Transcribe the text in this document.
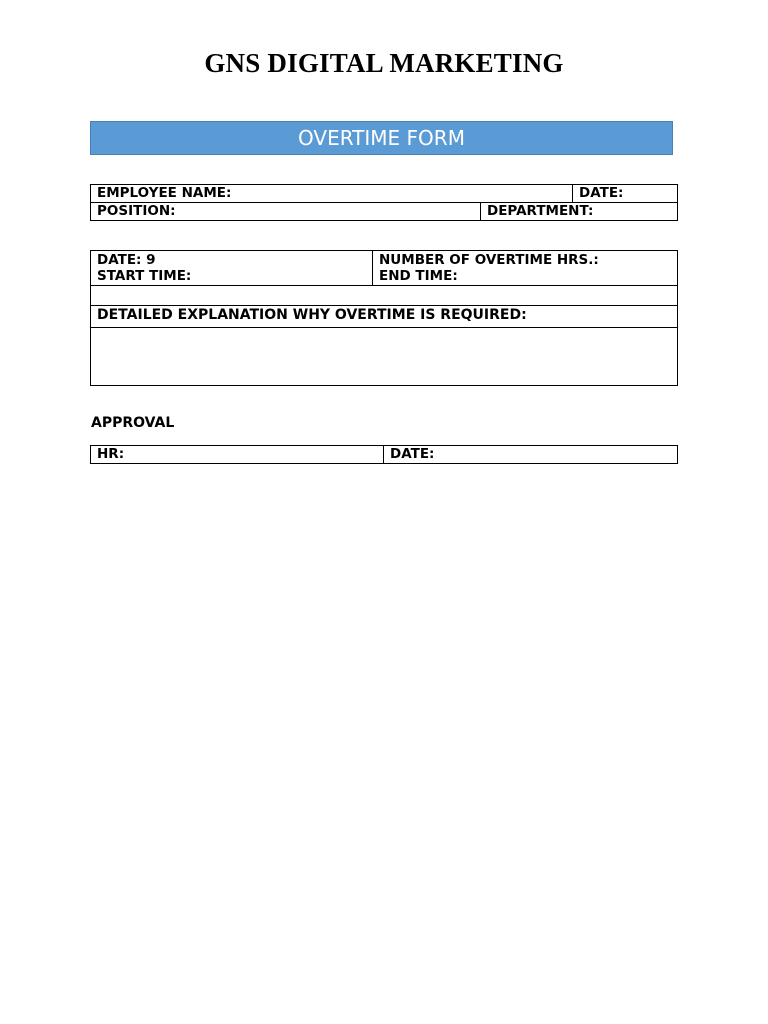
GNS DIGITAL MARKETING
OVERTIME FORM
EMPLOYEE NAME:		DATE:

POSITION:	DEPARTMENT:	
DATE: 9
START TIME:

NUMBER OF OVERTIME HRS.:
END TIME:

DETAILED EXPLANATION WHY OVERTIME IS REQUIRED:

APPROVAL
HR:	DATE:
